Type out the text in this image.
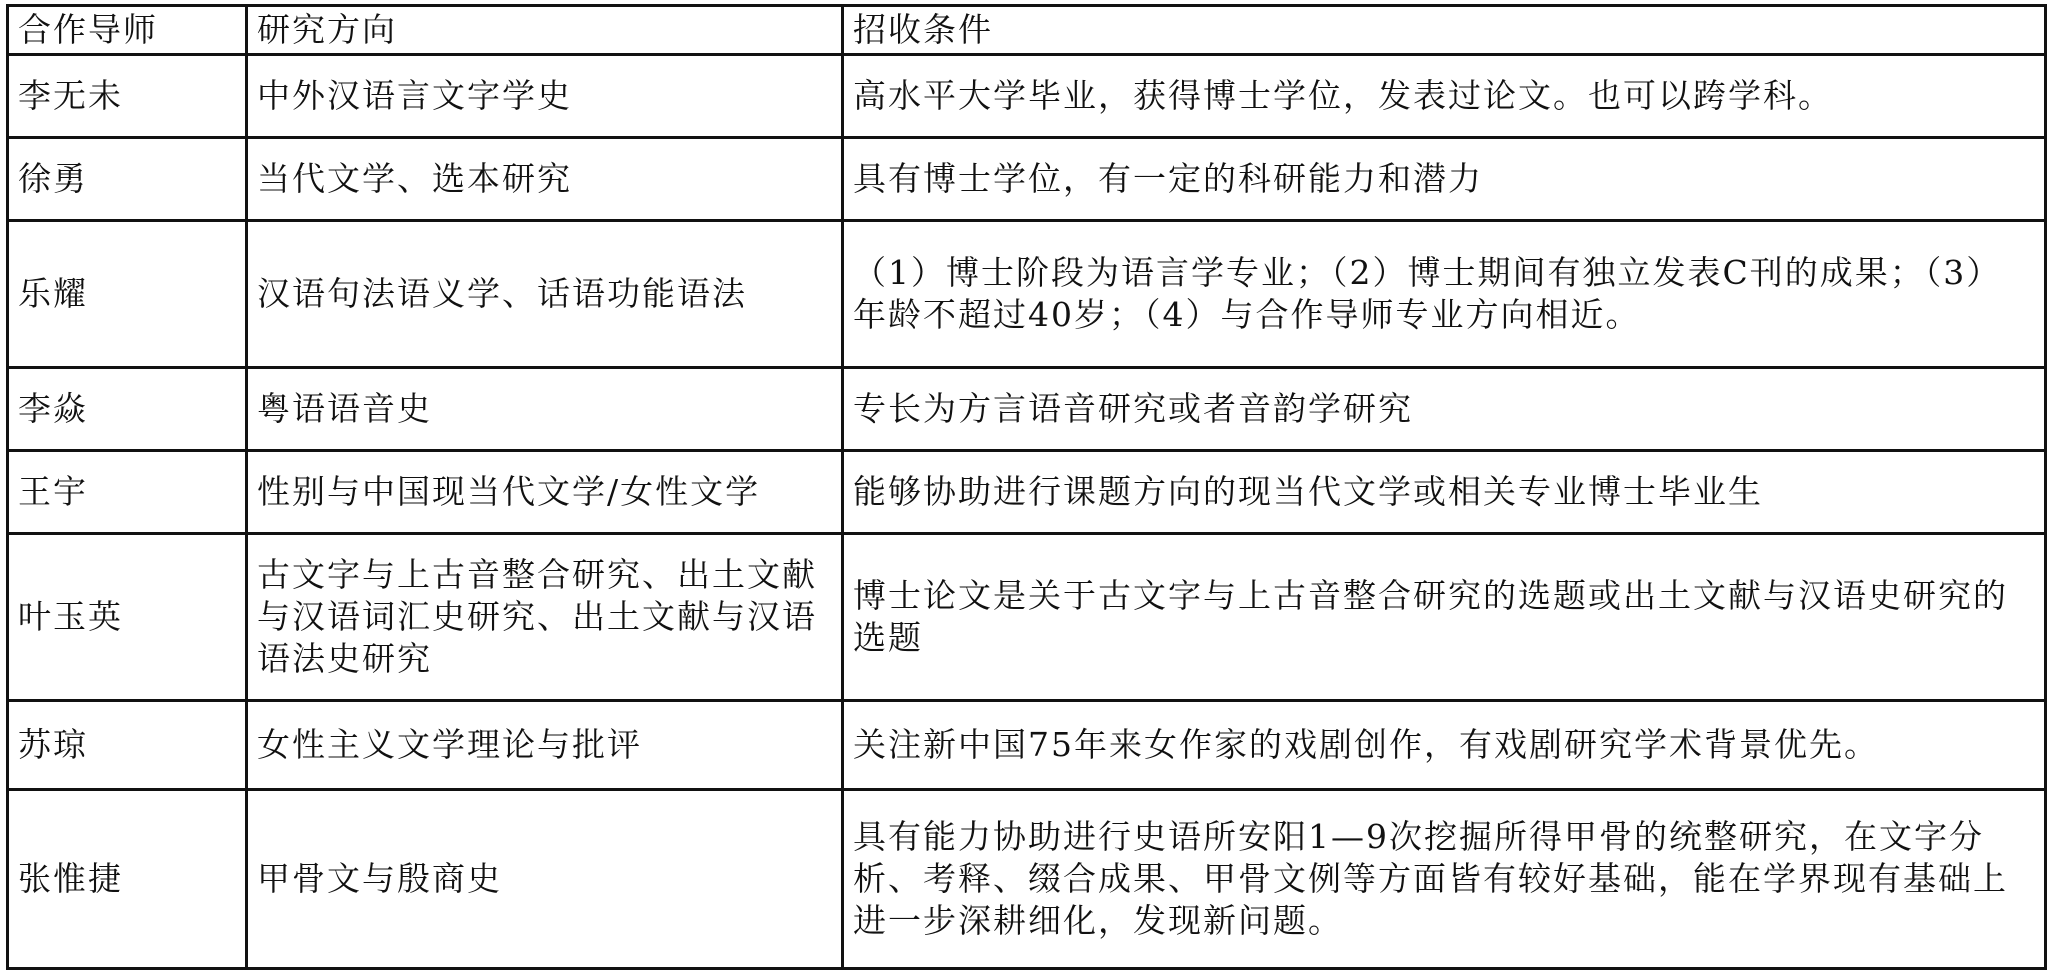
合作导师	研究方向	招收条件
李无未	中外汉语言文字学史	高水平大学毕业，获得博士学位，发表过论文。也可以跨学科。
徐勇	当代文学、选本研究	具有博士学位，有一定的科研能力和潜力
乐耀	汉语句法语义学、话语功能语法	（1）博士阶段为语言学专业；（2）博士期间有独立发表C刊的成果；（3）年龄不超过40岁；（4）与合作导师专业方向相近。
李焱	粤语语音史	专长为方言语音研究或者音韵学研究
王宇	性别与中国现当代文学/女性文学	能够协助进行课题方向的现当代文学或相关专业博士毕业生
叶玉英	古文字与上古音整合研究、出土文献与汉语词汇史研究、出土文献与汉语语法史研究	博士论文是关于古文字与上古音整合研究的选题或出土文献与汉语史研究的选题
苏琼	女性主义文学理论与批评	关注新中国75年来女作家的戏剧创作，有戏剧研究学术背景优先。
张惟捷	甲骨文与殷商史	具有能力协助进行史语所安阳1—9次挖掘所得甲骨的统整研究，在文字分析、考释、缀合成果、甲骨文例等方面皆有较好基础，能在学界现有基础上进一步深耕细化，发现新问题。
